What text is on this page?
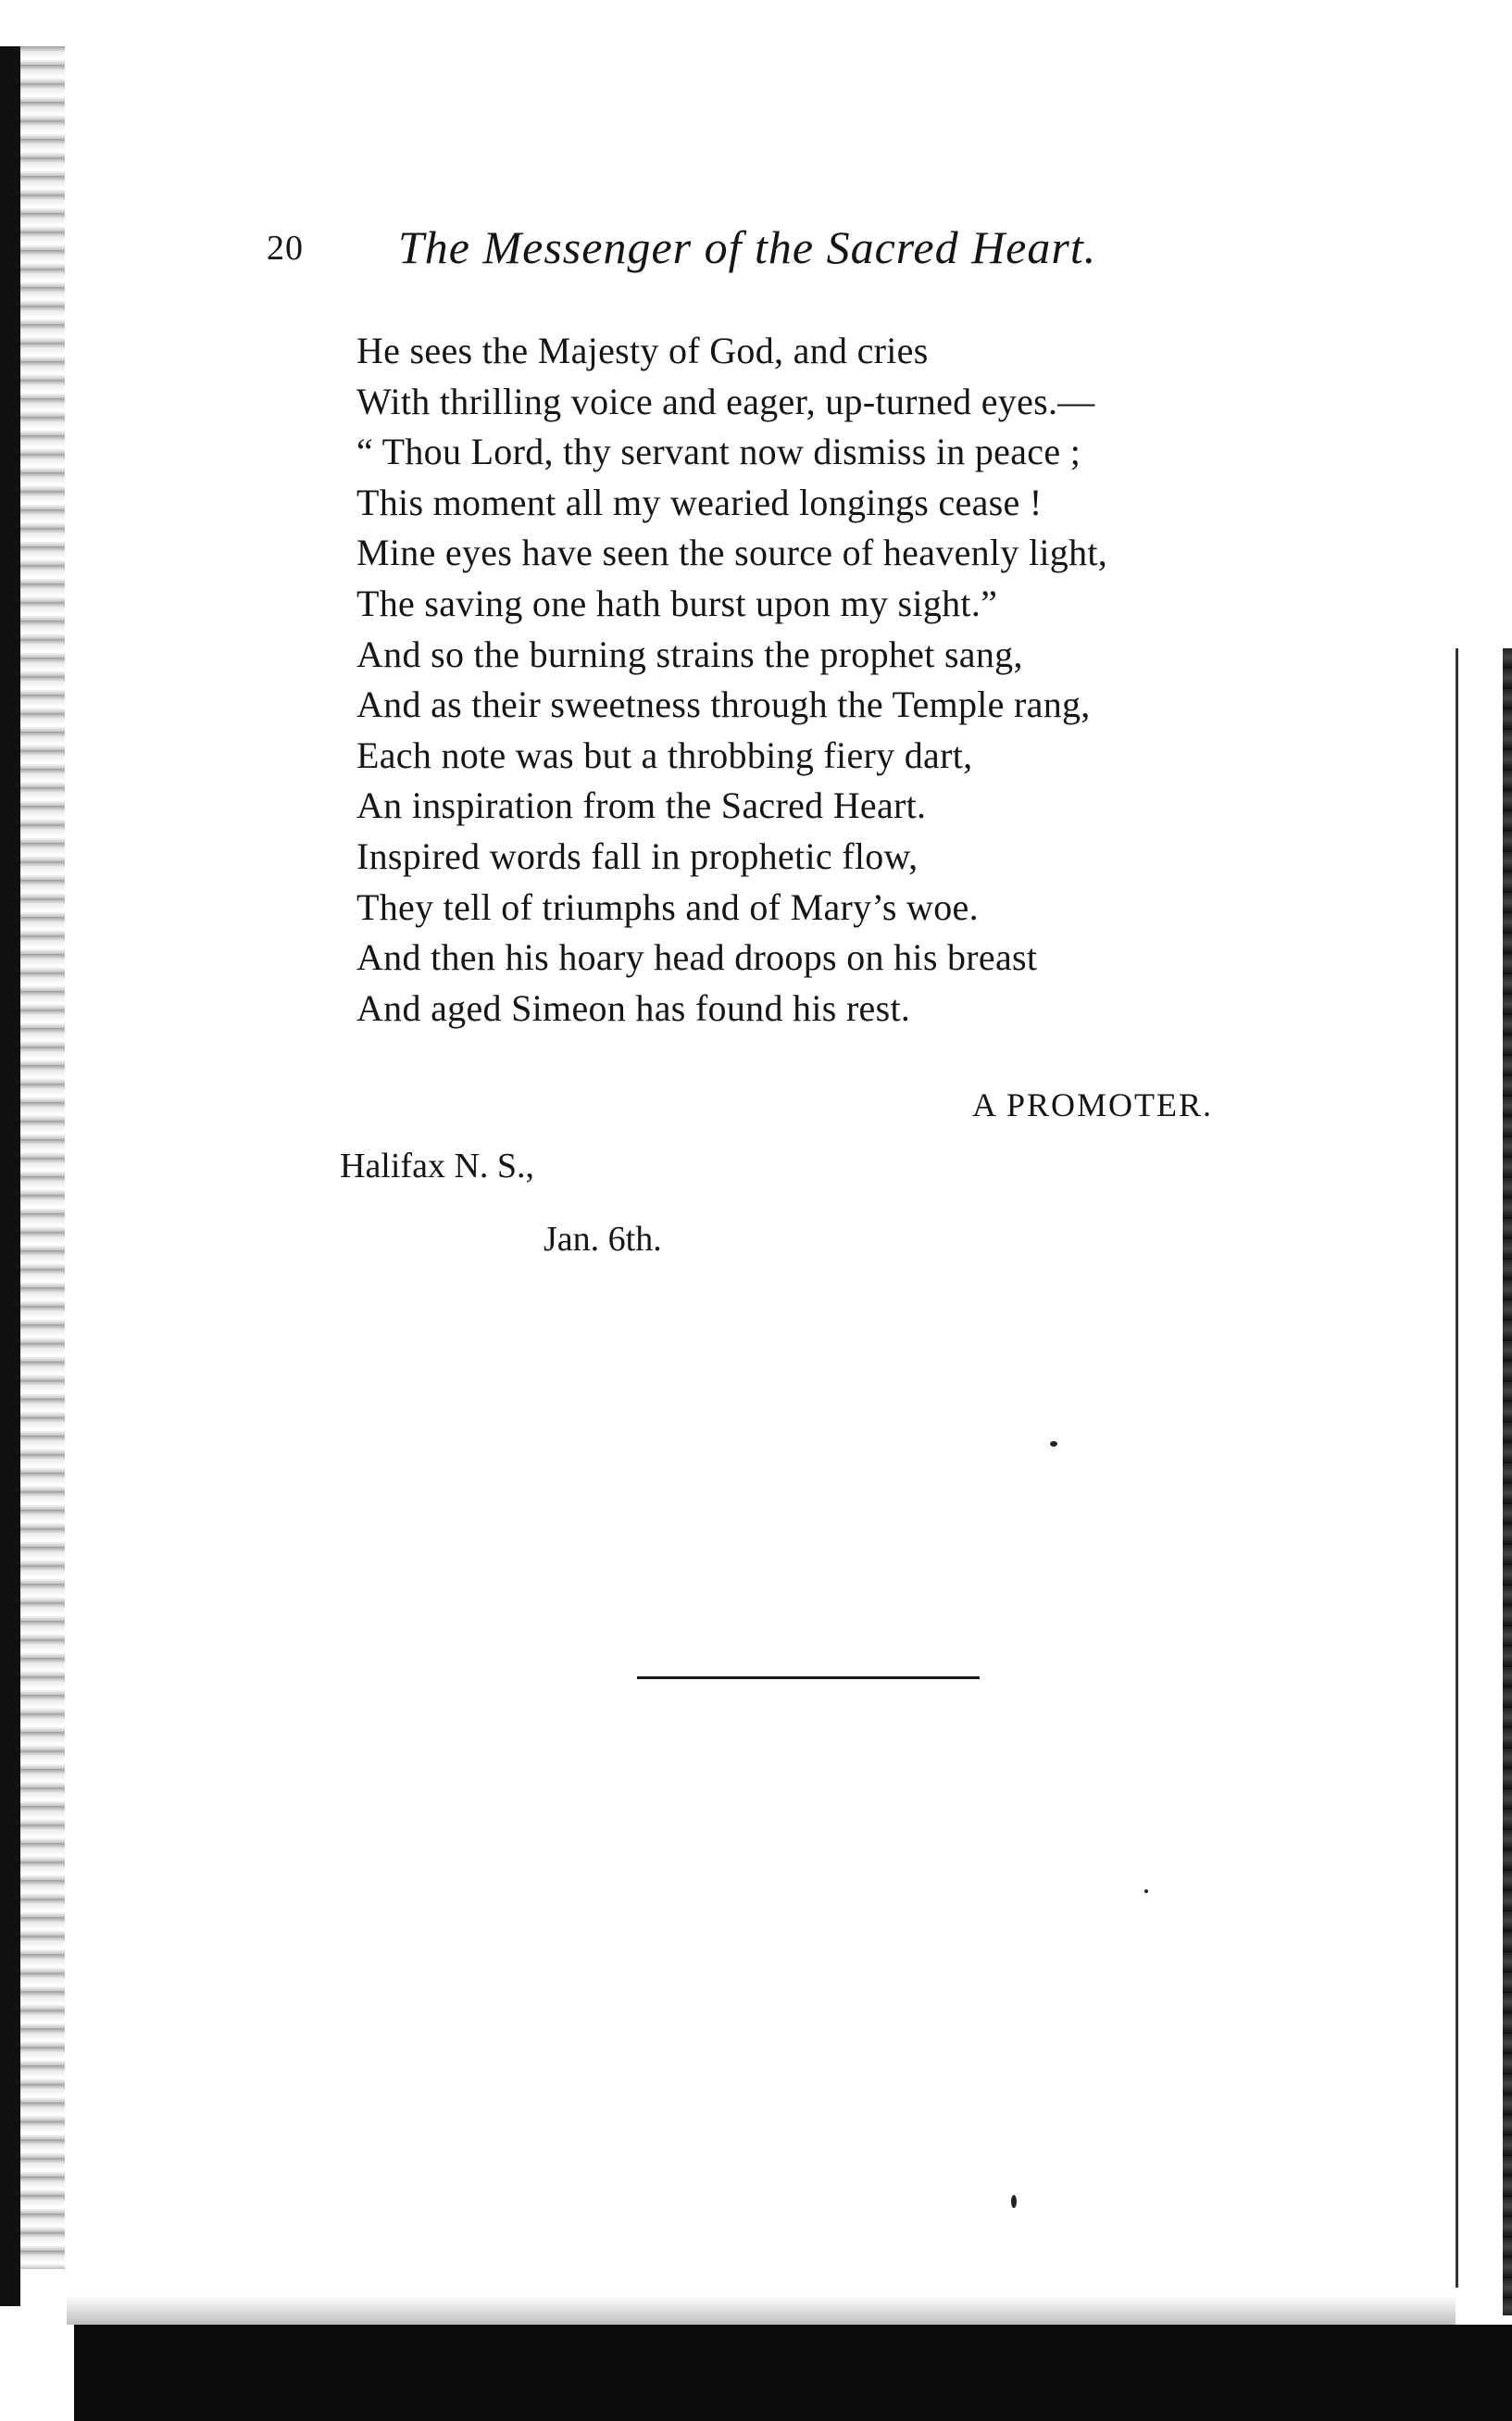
20 The Messenger of the Sacred Heart.
He sees the Majesty of God, and cries
With thrilling voice and eager, up-turned eyes.—
“ Thou Lord, thy servant now dismiss in peace ;
This moment all my wearied longings cease !
Mine eyes have seen the source of heavenly light,
The saving one hath burst upon my sight.”
And so the burning strains the prophet sang,
And as their sweetness through the Temple rang,
Each note was but a throbbing fiery dart,
An inspiration from the Sacred Heart.
Inspired words fall in prophetic flow,
They tell of triumphs and of Mary’s woe.
And then his hoary head droops on his breast
And aged Simeon has found his rest.
A PROMOTER.
Halifax N. S.,
Jan. 6th.
